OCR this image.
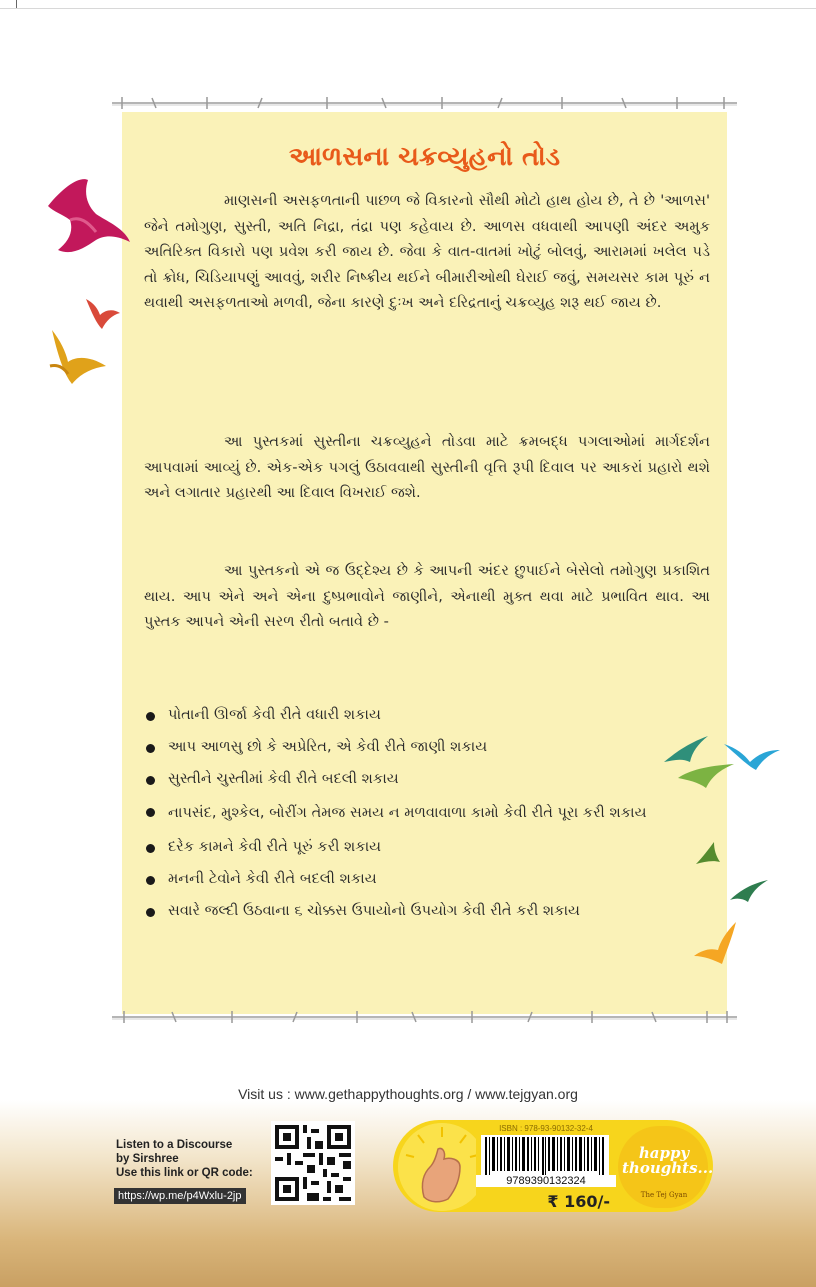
આળસના ચક્રવ્યુહનો તોડ

માણસની અસફળતાની પાછળ જે વિકારનો સૌથી મોટો હાથ હોય છે, તે છે 'આળસ' જેને તમોગુણ, સુસ્તી, અતિ નિદ્રા, તંદ્રા પણ કહેવાય છે. આળસ વધવાથી આપણી અંદર અમુક અતિરિક્ત વિકારો પણ પ્રવેશ કરી જાય છે. જેવા કે વાત-વાતમાં ખોટું બોલવું, આરામમાં ખલેલ પડે તો ક્રોધ, ચિડિયાપણું આવવું, શરીર નિષ્ક્રીય થઈને બીમારીઓથી ઘેરાઈ જવું, સમયસર કામ પૂરું ન થવાથી અસફળતાઓ મળવી, જેના કારણે દુઃખ અને દરિદ્રતાનું ચક્રવ્યુહ શરૂ થઈ જાય છે.

આ પુસ્તકમાં સુસ્તીના ચક્રવ્યુહને તોડવા માટે ક્રમબદ્ધ પગલાઓમાં માર્ગદર્શન આપવામાં આવ્યું છે. એક-એક પગલું ઉઠાવવાથી સુસ્તીની વૃત્તિ રૂપી દિવાલ પર આકરાં પ્રહારો થશે અને લગાતાર પ્રહારથી આ દિવાલ વિખરાઈ જશે.

આ પુસ્તકનો એ જ ઉદ્દેશ્ય છે કે આપની અંદર છુપાઈને બેસેલો તમોગુણ પ્રકાશિત થાય. આપ એને અને એના દુષ્પ્રભાવોને જાણીને, એનાથી મુક્ત થવા માટે પ્રભાવિત થાવ. આ પુસ્તક આપને એની સરળ રીતો બતાવે છે -

પોતાની ઊર્જા કેવી રીતે વધારી શકાય
આપ આળસુ છો કે અપ્રેરિત, એ કેવી રીતે જાણી શકાય
સુસ્તીને ચુસ્તીમાં કેવી રીતે બદલી શકાય
નાપસંદ, મુશ્કેલ, બોરીંગ તેમજ સમય ન મળવાવાળા કામો કેવી રીતે પૂરા કરી શકાય
દરેક કામને કેવી રીતે પૂરું કરી શકાય
મનની ટેવોને કેવી રીતે બદલી શકાય
સવારે જલ્દી ઉઠવાના ૬ ચોક્કસ ઉપાયોનો ઉપયોગ કેવી રીતે કરી શકાય
Visit us : www.gethappythoughts.org / www.tejgyan.org
Listen to a Discourse
by Sirshree
Use this link or QR code:
https://wp.me/p4Wxlu-2jp
ISBN : 978-93-90132-32-4
9789390132324
₹ 160/-
happy
thoughts...
The Tej Gyan
